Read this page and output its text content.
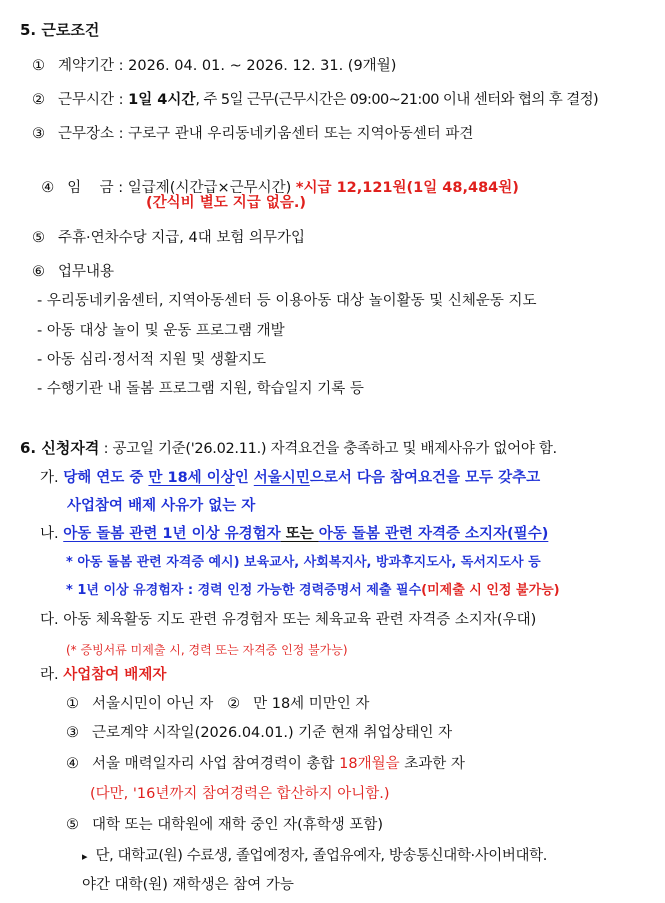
5. 근로조건
① 계약기간 : 2026. 04. 01. ~ 2026. 12. 31. (9개월)
② 근무시간 : 1일 4시간, 주 5일 근무(근무시간은 09:00~21:00 이내 센터와 협의 후 결정)
③ 근무장소 : 구로구 관내 우리동네키움센터 또는 지역아동센터 파견

④ 임    금 : 일급제(시간급×근무시간) *시급 12,121원(1일 48,484원)

(간식비 별도 지급 없음.)
⑤ 주휴·연차수당 지급, 4대 보험 의무가입
⑥ 업무내용
- 우리동네키움센터, 지역아동센터 등 이용아동 대상 놀이활동 및 신체운동 지도
- 아동 대상 놀이 및 운동 프로그램 개발
- 아동 심리·정서적 지원 및 생활지도
- 수행기관 내 돌봄 프로그램 지원, 학습일지 기록 등
6. 신청자격 : 공고일 기준('26.02.11.) 자격요건을 충족하고 및 배제사유가 없어야 함.
가. 당해 연도 중 만 18세 이상인 서울시민으로서 다음 참여요건을 모두 갖추고
사업참여 배제 사유가 없는 자
나. 아동 돌봄 관련 1년 이상 유경험자 또는 아동 돌봄 관련 자격증 소지자(필수)
* 아동 돌봄 관련 자격증 예시) 보육교사, 사회복지사, 방과후지도사, 독서지도사 등
* 1년 이상 유경험자 : 경력 인정 가능한 경력증명서 제출 필수(미제출 시 인정 불가능)
다. 아동 체육활동 지도 관련 유경험자 또는 체육교육 관련 자격증 소지자(우대)
(* 증빙서류 미제출 시, 경력 또는 자격증 인정 불가능)
라. 사업참여 배제자
① 서울시민이 아닌 자 ② 만 18세 미만인 자
③ 근로계약 시작일(2026.04.01.) 기준 현재 취업상태인 자
④ 서울 매력일자리 사업 참여경력이 총합 18개월을 초과한 자
(다만, '16년까지 참여경력은 합산하지 아니함.)
⑤ 대학 또는 대학원에 재학 중인 자(휴학생 포함)
▸ 단, 대학교(원) 수료생, 졸업예정자, 졸업유예자, 방송통신대학·사이버대학.
야간 대학(원) 재학생은 참여 가능
